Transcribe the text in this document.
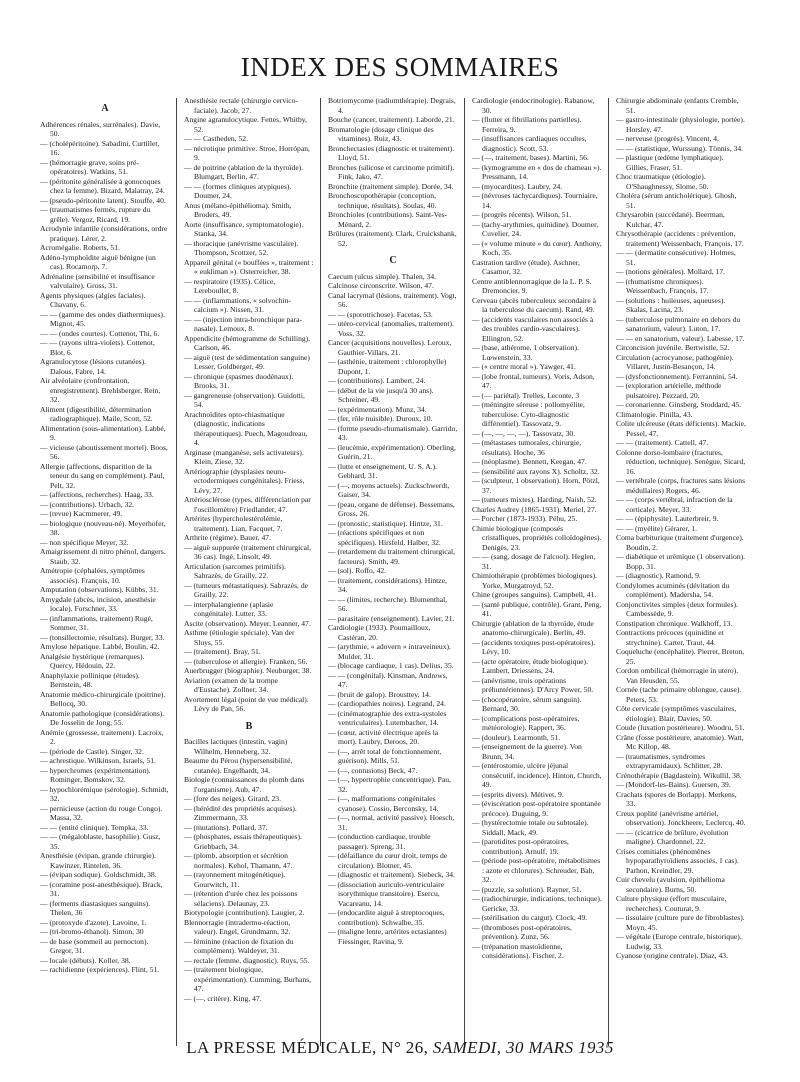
INDEX DES SOMMAIRES
A
Adhérences rénales, surrénales). Davie, 50.
— (cholépéritoine). Sabadini, Curtillet, 16.
— (hémorragie grave, soins pré-opératoires). Watkins, 51.
— (péritonite généralisée à gonocoques chez la femme). Bizard, Malatray, 24.
— (pseudo-péritonite latent). Stouffe, 40.
— (traumatismes fermés, rupture du grêle). Vergoz, Ricard, 19.
Acrodynie infantile (considérations, ordre pratique). Lérer, 2.
Acromégalie. Roberts, 51.
Adéno-lymphoïdite aiguë bénigne (un cas). Rocamorp, 7.
Adrénaline (sensibilité et insuffisance valvulaire). Gross, 31.
Agents physiques (algies faciales). Chavany, 6.
— — (gamme des ondes diathermiques). Mignot, 45.
— — (ondes courtes). Cottenot, Thi, 6.
— — (rayons ultra-violets). Cottenot, Blot, 6.
Agranulocytose (lésions cutanées). Dalous, Fabre, 14.
Air alvéolaire (confrontation, enregistrement). Brehlsberger, Rein, 32.
Aliment (digestibilité, détermination radiographique). Maile, Scott, 52.
Alimentation (sous-alimentation). Labbé, 9.
— vicieuse (aboutissement mortel). Boos, 56.
Allergie (affections, disparition de la teneur du sang en complément). Paul, Pelt, 32.
— (affections, recherches). Haag, 33.
— (contributions). Urbach, 32.
— (revue) Kacmmerer, 49.
— biologique (nouveau-né). Meyerhofer, 38.
— non spécifique Meyer, 32.
Amaigrissement di nitro phénol, dangers. Staub, 32.
Amétropie (céphalées, symptômes associés). François, 10.
Amputation (observations). Kübbs, 31.
Amygdale (abcès, incision, anesthésie locale). Forschner, 33.
— (inflammations, traitement) Rugé, Sommer, 31.
— (tonsillectomie, résultats). Burger, 33.
Amylose hépatique. Labbé, Boulin, 42.
Analgésie hystérique (remarques). Quercy, Hédouin, 22.
Anaphylaxie pollinique (études). Bernstein, 48.
Anatomie médico-chirurgicale (poitrine). Bellocq, 30.
Anatomie pathologique (considérations). De Josselin de Jong, 55.
Anémie (grossesse, traitement). Lacroix, 2.
— (période de Castle). Singer, 32.
— achrestique. Wilkinson, Israels, 51.
— hyperchromes (expérimentation). Rominger, Bomskov, 32.
— hypochlorémique (sérologie). Schmidt, 32.
— pernicieuse (action du rouge Congo). Massa, 32.
— — (entité clinique). Tempka, 33.
— — (mégaloblaste, basophilie). Gusz, 35.
Anesthésie (évipan, grande chirurgie). Kawinzer, Rintelen, 36.
— (évipan sodique). Goldschmidt, 38.
— (coramine post-anesthésique). Brack, 31.
— (ferments diastasiques sanguins). Thelen, 36
— (protoxyde d'azote). Lavoine, 1.
— (tri-bromo-éthanol). Simon, 30
— de base (sommeil au pernocton). Gregor, 31.
— locale (débuts). Koller, 38.
— rachidienne (expériences). Flint, 51.
Anesthésie rectale (chirurgie cervico-faciale). Jacob, 27.
Angine agranulocytique. Fettes, Whitby, 52.
— — Castheden, 52.
— nécrotique primitive. Stroe, Horrópan, 9.
— de poitrine (ablation de la thyroïde). Blumgart, Berlin, 47.
— — (formes cliniques atypiques). Doumer, 24.
Anus (mélano-épithélioma). Smith, Broders, 49.
Aorte (insuffisance, symptomatologie). Stanka, 34.
— thoracique (anévrisme vasculaire). Thompson, Scottzer, 52.
Appareil génital (« bouffées », traitement : « eukliman »). Osterreicher, 38.
— respiratoire (1935). Célice, Lereboullet, 8.
— — (inflammations, « solvochin-calcium »). Nissen, 31.
— — (injection intra-bronchique para-nasale). Lemoux, 8.
Appendicite (hémogramme de Schilling). Carlson, 46.
— aiguë (test de sédimentation sanguine) Lesser, Goldberger, 49.
— chronique (spasmes duodénaux). Brooks, 31.
— gangreneuse (observation). Guidotti, 54.
Arachnoïdites opto-chiasmatique (diagnostic, indications thérapeutiques). Puech, Magoudreau, 4.
Arginase (manganèse, sels activateurs). Klein, Ziese, 32.
Artériographie (dysplasies neuro-ectodermiques congénitales). Friess, Lévy, 27.
Artériosclérose (types, différenciation par l'oscillomètre) Friedlander, 47.
Artérites (hypercholestérolémie, traitement). Lian, Facquet, 7.
Arthrite (régime). Bauer, 47.
— aiguë suppurée (traitement chirurgical, 36 cas). Ingé, Linsolt, 49.
Articulation (sarcomes primitifs). Sabrazès, de Grailly, 22.
— (tumeurs métastatiques). Sabrazès, de Grailly, 22.
— interphalangienne (aplasie congénitale). Lutter, 33.
Ascite (observation). Meyer, Leanner, 47.
Asthme (étiologie spéciale). Van der Sluys, 55.
— (traitement). Bray, 51.
— (tuberculose et allergie). Franken, 56.
Auerbrugger (biographie). Neuburger, 38.
Aviation (examen de la trompe d'Eustache). Zollner, 34.
Avortement légal (point de vue médical). Lévy de Pan, 56.
B
Bacilles lactiques (intestin, vagin) Wilhelm, Henneberg, 32.
Beaume du Pérou (hypersensibilité, cutanée). Engelhardt, 34.
Biologie (connaissances du plomb dans l'organisme). Aub, 47.
— (fore des neiges). Girard, 23.
— (hérédité des propriétés acquises). Zimmermann, 33.
— (mutations). Pollard, 37.
— (phosphates, essais thérapeutiques). Griebbach, 34.
— (plomb, absorption et sécrétion normales). Kehol, Thamann, 47.
— (rayonnement mitogénétique). Gourwitch, 11.
— (rétention d'urée chez les poissons sélaciens). Delaunay, 23.
Biotypologie (contribution). Laugier, 2.
Blennorragie (intradermo-réaction, valeur). Engel, Grundmann, 32.
— féminine (réaction de fixation du complément). Waldeyer, 31.
— rectale (femme, diagnostic). Ruys, 55.
— (traitement biologique, expérimentation). Cumming, Burhans, 47.
— (—, critère). King, 47.
Botriomycome (radiumthérapie). Degrais, 4.
Bouche (cancer, traitement). Laborde, 21.
Bromatologie (dosage clinique des vitamines). Ruiz, 43.
Bronchectasies (diagnostic et traitement). Lloyd, 51.
Bronches (silicose et carcinome primitif). Fink, Jako, 47.
Bronchite (traitement simple). Dorée, 34.
Bronchoscopothérapie (conception, technique, résultats). Soulas, 40.
Bronchioles (contributions). Saint-Ves-Ménard, 2.
Brûlures (traitement). Clark, Cruickshank, 52.
C
Caecum (ulcus simple). Thalen, 34.
Calcinose circonscrite. Wilson, 47.
Canal lacrymal (lésions, traitement). Vogt, 56.
— — (sporotrichose). Facetas, 53.
— utéro-cervical (anomalies, traitement). Voss, 32.
Cancer (acquisitions nouvelles). Leroux, Gauthier-Villars, 21.
— (asthénie, traitement : chlorophylle) Dupont, 1.
— (contributions). Lambert, 24.
— (début de la vie jusqu'à 30 ans). Schreiner, 49.
— (expérimentation). Munz, 34.
— (fer, rôle nuisible). Duroux, 10.
— (forme pseudo-rhumatismale). Garrido, 43.
— (leucémie, expérimentation). Oberling, Guérin, 21.
— (lutte et enseignement, U. S. A.). Gebhard, 31.
— (—, moyens actuels). Zuckschwerdt, Gaiser, 34.
— (peau, organe de défense). Bessemans, Gross, 26.
— (pronostic, statistique). Hintze, 31.
— (réactions spécifiques et non spécifiques). Hirsfeld, Halber, 32.
— (retardement du traitement chirurgical, facteurs). Smith, 49.
— (sol). Roffo, 42.
— (traitement, considérations). Hintze, 34.
— — (limites, recherche). Blumenthal, 56.
— parasitaire (enseignement). Lavier, 21.
Cardiologie (1933). Poumailloux, Castéran, 20.
— (arythmie, « adovern » intraveineux). Mulder, 31.
— (blocage cardiaque, 1 cas). Delius, 35.
— — (congénital). Kinsman, Andrews, 47.
— (bruit de galop). Brousttey, 14.
— (cardiopathies noires). Legrand, 24.
— (cinématographie des extra-systoles ventriculaires). Lutembacher, 14.
— (cœur, activité électrique après la mort). Laubry, Deroos, 20.
— (—, arrêt total de fonctionnement, guérison). Mills, 51.
— (—, contusions) Beck, 47.
— (—, hypertrophie concentrique). Pau, 32.
— (—, malformations congénitales cyanose). Cossio, Berconsky, 14.
— (—, normal, activité passive). Hoesch, 31.
— (conduction cardiaque, trouble passager). Spreng, 31.
— (défaillance du cœur droit, temps de circulation). Blotner, 45.
— (diagnostic et traitement). Siebeck, 34.
— (dissociation auriculo-ventriculaire isorythmique transitoire). Esercu, Vacareanu, 14.
— (endocardite aiguë à streptocoques, contribution). Schwalbe, 35.
— (maligne lente, artérites ectasiantes) Fiessinger, Ravina, 9.
Cardiologie (endocrinologie). Rabanow, 30.
— (flutter et fibrillations partielles). Ferreira, 9.
— (insuffisances cardiaques occultes, diagnostic). Scott, 53.
— (—, traitement, bases). Martini, 56.
— (kymogramme en « dos de chameau »). Pressmann, 14.
— (myocardites). Laubry, 24.
— (névroses tachycardiques). Tourniaire, 14.
— (progrès récents). Wilson, 51.
— (tachy-arythmies, quinidine). Doumer, Cuvelier, 24.
— (« volume minute » du cœur). Anthony, Koch, 35.
Castration tardive (étude). Aschner, Casamor, 32.
Centre antiblennorragique de la L. P. S. Dremoncier, 9.
Cerveau (abcès tuberculeux secondaire à la tuberculose du caecum). Rand, 49.
— (accidents vasculaires non associés à des troubles cardio-vasculaires). Ellington, 52.
— (base, athérome, 1 observation). Lœwenstein, 33.
— (« centre moral »). Yawger, 41.
— (lobe frontal, tumeurs). Voris, Adson, 47.
— (— pariétal). Trelles, Leconte, 3
— (méningite séreuse : pollomyélite, tuberculose. Cyto-diagnostic différentiel). Tassovatz, 9.
— (—, —, —, —). Tassovatz, 30.
— (métastases tumorales, chirurgie, résultats). Hoche, 36
— (néoplasme). Bennett, Keegan, 47.
— (sensibilité aux rayons X). Scholtz, 32.
— (sculpteur, 1 observation). Horn, Pötzl, 37.
— (tumeurs mixtes). Harding, Naish, 52.
Charles Audrey (1865-1931). Meriel, 27.
— Porcher (1873-1933). Péhu, 25.
Chimie biologique (composés cristalliques, propriétés colloïdogènes). Denigès, 23.
— — (sang, dosage de l'alcool). Heglen, 31.
Chimiothérapie (problèmes biologiques). Yorke, Murgatroyd, 52.
Chine (groupes sanguins). Campbell, 41.
— (santé publique, contrôle). Grant, Peng, 41.
Chirurgie (ablation de la thyroïde, étude anatomo-chirurgicale). Berlin, 49.
— (accidents toxiques post-opératoires). Lévy, 10.
— (acte opératoire, étude biologique). Lambert, Driessens, 24.
— (anévrisme, trois opérations préhuntériennes). D'Arcy Power, 50.
— (chocopératoire, sérum sanguin). Bernard, 30.
— (complications post-opératoires, météorologie). Rappert, 36.
— (douleur). Learmonth, 51.
— (enseignement de la guerre). Von Brunn, 34.
— (entérostomie, ulcère jéjunal consécutif, incidence). Hinton, Church, 49.
— (esprits divers). Métivet, 9.
— (éviscération post-opératoire spontanée précoce). Duguing, 9.
— (hystérectomie totale ou subtotale). Siddall, Mack, 49.
— (parotidites post-opératoires, contribution). Arnulf, 19.
— (période post-opératoire, métabolismes : azote et chlorures). Schreuder, Bab, 32.
— (puzzle, sa solution). Rayner, 51.
— (radiochirurgie, indications, technique). Gericke, 33.
— (stérilisation du catgut). Clock, 49.
— (thromboses post-opératoires, prévention). Zunz, 56.
— (trépanation mastoïdienne, considérations). Fischer, 2.
Chirurgie abdominale (enfants Cremble, 51.
— gastro-intestinale (physiologie, portée). Horsley, 47.
— nerveuse (progrès). Vincent, 4.
— — (statistique, Wurssung). Tönnis, 34.
— plastique (œdème lymphatique). Gillies, Fraser, 51.
Choc traumatique (étiologie). O'Shaughnessy, Slome, 50.
Choléra (sérum anticholérique). Ghosh, 51.
Chrysarobin (succédané). Beerman, Kulchar, 47.
Chrysothérapie (accidents : prévention, traitement) Weissenbach, François, 17.
— — (dermatite consécutive). Holmes, 51.
— (notions générales). Mollard, 17.
— (rhumatisme chroniques). Weissenbach, François, 17.
— (solutions : huileuses, aqueuses). Skalas, Lacina, 23.
— (tuberculose pulmonaire en dehors du sanatorium, valeur). Luton, 17.
— — en sanatorium, valeur). Labesse, 17.
Circoncision juvénile. Bertwistle, 52.
Circulation (acrocyanose, pathogénie). Villaret, Justin-Besançon, 14.
— (dysfonctionnement). Ferrannini, 54.
— (exploration artérielle, méthode pulsatoire). Pezzard, 20.
— coronarienne. Ginsberg, Stoddard, 45.
Climatologie. Pinilla, 43.
Colite ulcéreuse (états déficients). Mackie, Pessel, 47.
— — (traitement). Cattell, 47.
Colonne dorso-lombaire (fractures, réduction, technique). Senègue, Sicard, 16.
— vertébrale (corps, fractures sans lésions médullaires) Rogers, 46.
— — (corps vertébral, infraction de la corticale). Meyer, 33.
— — (épiphysite). Lauterbreir, 9.
— — (myélite) Gérarer, 1.
Coma barbiturique (traitement d'urgence). Boudin, 2.
— diabétique et urémique (1 observation). Bopp, 31.
— (diagnostic). Ramond, 9.
Condylomes acuminés (dévitation du complément). Madersha, 54.
Conjonctivites simples (deux formules). Cambessède, 9.
Constipation chronique. Walkhoff, 13.
Contractions précoces (quinidine et strychnine). Carter, Traut, 44.
Coqueluche (encéphalite). Pierret, Breton, 25.
Cordon ombilical (hémorragie in utero). Van Heusden, 55.
Cornée (tache primaire oblongue, cause). Peters, 53.
Côte cervicale (symptômes vasculaires, étiologie). Blair, Davies, 50.
Coude (luxation postérieure). Woodru, 51.
Crâne (fosse postérieure, anatomie). Watt, Mc Killop, 48.
— (traumatismes, syndromes extrapyramidaux). Schlitter, 28.
Crénothérapie (Bagdastein). Wikullil, 38.
— (Mondorf-les-Bains). Guersen, 39.
Crachats (spores de Borlapp). Merkens, 33.
Creux poplité (anévrisme artériel, observation). Jonckheere, Leclercq, 40.
— — (cicatrice de brûlure, évolution maligne). Chardonnel, 22.
Crises comitiales (phénomènes hypoparathyroïdiens associés, 1 cas). Parhon, Kreindler, 29.
Cuir chevelu (avulsion, épithélioma secondaire). Burns, 50.
Culture physique (effort musculaire, recherches). Couturat, 9.
— tissulaire (culture pure de fibroblastes). Moyn, 45.
— végétale (Europe centrale, historique). Ludwig, 33.
Cyanose (origine centrale). Diaz, 43.
LA PRESSE MÉDICALE, N° 26, SAMEDI, 30 MARS 1935
